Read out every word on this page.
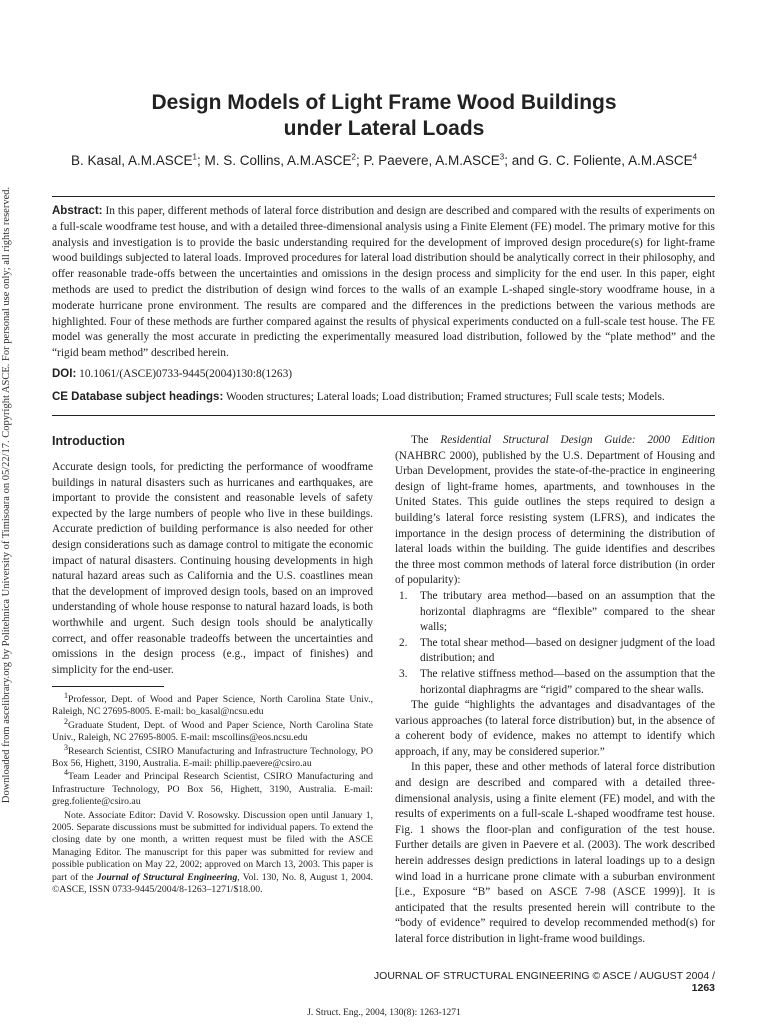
Downloaded from ascelibrary.org by Politehnica University of Timisoara on 05/22/17. Copyright ASCE. For personal use only; all rights reserved.
Design Models of Light Frame Wood Buildings
under Lateral Loads
B. Kasal, A.M.ASCE$^1$; M. S. Collins, A.M.ASCE$^2$; P. Paevere, A.M.ASCE$^3$; and G. C. Foliente, A.M.ASCE$^4$
Abstract: In this paper, different methods of lateral force distribution and design are described and compared with the results of experiments on a full-scale woodframe test house, and with a detailed three-dimensional analysis using a Finite Element (FE) model. The primary motive for this analysis and investigation is to provide the basic understanding required for the development of improved design procedure(s) for light-frame wood buildings subjected to lateral loads. Improved procedures for lateral load distribution should be analytically correct in their philosophy, and offer reasonable trade-offs between the uncertainties and omissions in the design process and simplicity for the end user. In this paper, eight methods are used to predict the distribution of design wind forces to the walls of an example L-shaped single-story woodframe house, in a moderate hurricane prone environment. The results are compared and the differences in the predictions between the various methods are highlighted. Four of these methods are further compared against the results of physical experiments conducted on a full-scale test house. The FE model was generally the most accurate in predicting the experimentally measured load distribution, followed by the “plate method” and the “rigid beam method” described herein.
DOI: 10.1061/(ASCE)0733-9445(2004)130:8(1263)
CE Database subject headings: Wooden structures; Lateral loads; Load distribution; Framed structures; Full scale tests; Models.
Introduction
Accurate design tools, for predicting the performance of woodframe buildings in natural disasters such as hurricanes and earthquakes, are important to provide the consistent and reasonable levels of safety expected by the large numbers of people who live in these buildings. Accurate prediction of building performance is also needed for other design considerations such as damage control to mitigate the economic impact of natural disasters. Continuing housing developments in high natural hazard areas such as California and the U.S. coastlines mean that the development of improved design tools, based on an improved understanding of whole house response to natural hazard loads, is both worthwhile and urgent. Such design tools should be analytically correct, and offer reasonable tradeoffs between the uncertainties and omissions in the design process (e.g., impact of finishes) and simplicity for the end-user.

$^1$Professor, Dept. of Wood and Paper Science, North Carolina State Univ., Raleigh, NC 27695-8005. E-mail: bo_kasal@ncsu.edu

$^2$Graduate Student, Dept. of Wood and Paper Science, North Carolina State Univ., Raleigh, NC 27695-8005. E-mail: mscollins@eos.ncsu.edu

$^3$Research Scientist, CSIRO Manufacturing and Infrastructure Technology, PO Box 56, Highett, 3190, Australia. E-mail: phillip.paevere@csiro.au

$^4$Team Leader and Principal Research Scientist, CSIRO Manufacturing and Infrastructure Technology, PO Box 56, Highett, 3190, Australia. E-mail: greg.foliente@csiro.au

Note. Associate Editor: David V. Rosowsky. Discussion open until January 1, 2005. Separate discussions must be submitted for individual papers. To extend the closing date by one month, a written request must be filed with the ASCE Managing Editor. The manuscript for this paper was submitted for review and possible publication on May 22, 2002; approved on March 13, 2003. This paper is part of the Journal of Structural Engineering, Vol. 130, No. 8, August 1, 2004. ©ASCE, ISSN 0733-9445/2004/8-1263–1271/$18.00.

The Residential Structural Design Guide: 2000 Edition (NAHBRC 2000), published by the U.S. Department of Housing and Urban Development, provides the state-of-the-practice in engineering design of light-frame homes, apartments, and townhouses in the United States. This guide outlines the steps required to design a building’s lateral force resisting system (LFRS), and indicates the importance in the design process of determining the distribution of lateral loads within the building. The guide identifies and describes the three most common methods of lateral force distribution (in order of popularity):

1. The tributary area method—based on an assumption that the horizontal diaphragms are “flexible” compared to the shear walls;
2. The total shear method—based on designer judgment of the load distribution; and
3. The relative stiffness method—based on the assumption that the horizontal diaphragms are “rigid” compared to the shear walls.

The guide “highlights the advantages and disadvantages of the various approaches (to lateral force distribution) but, in the absence of a coherent body of evidence, makes no attempt to identify which approach, if any, may be considered superior.”

In this paper, these and other methods of lateral force distribution and design are described and compared with a detailed three-dimensional analysis, using a finite element (FE) model, and with the results of experiments on a full-scale L-shaped woodframe test house. Fig. 1 shows the floor-plan and configuration of the test house. Further details are given in Paevere et al. (2003). The work described herein addresses design predictions in lateral loadings up to a design wind load in a hurricane prone climate with a suburban environment [i.e., Exposure “B” based on ASCE 7-98 (ASCE 1999)]. It is anticipated that the results presented herein will contribute to the “body of evidence” required to develop recommended method(s) for lateral force distribution in light-frame wood buildings.

JOURNAL OF STRUCTURAL ENGINEERING © ASCE / AUGUST 2004 / 1263
J. Struct. Eng., 2004, 130(8): 1263-1271
